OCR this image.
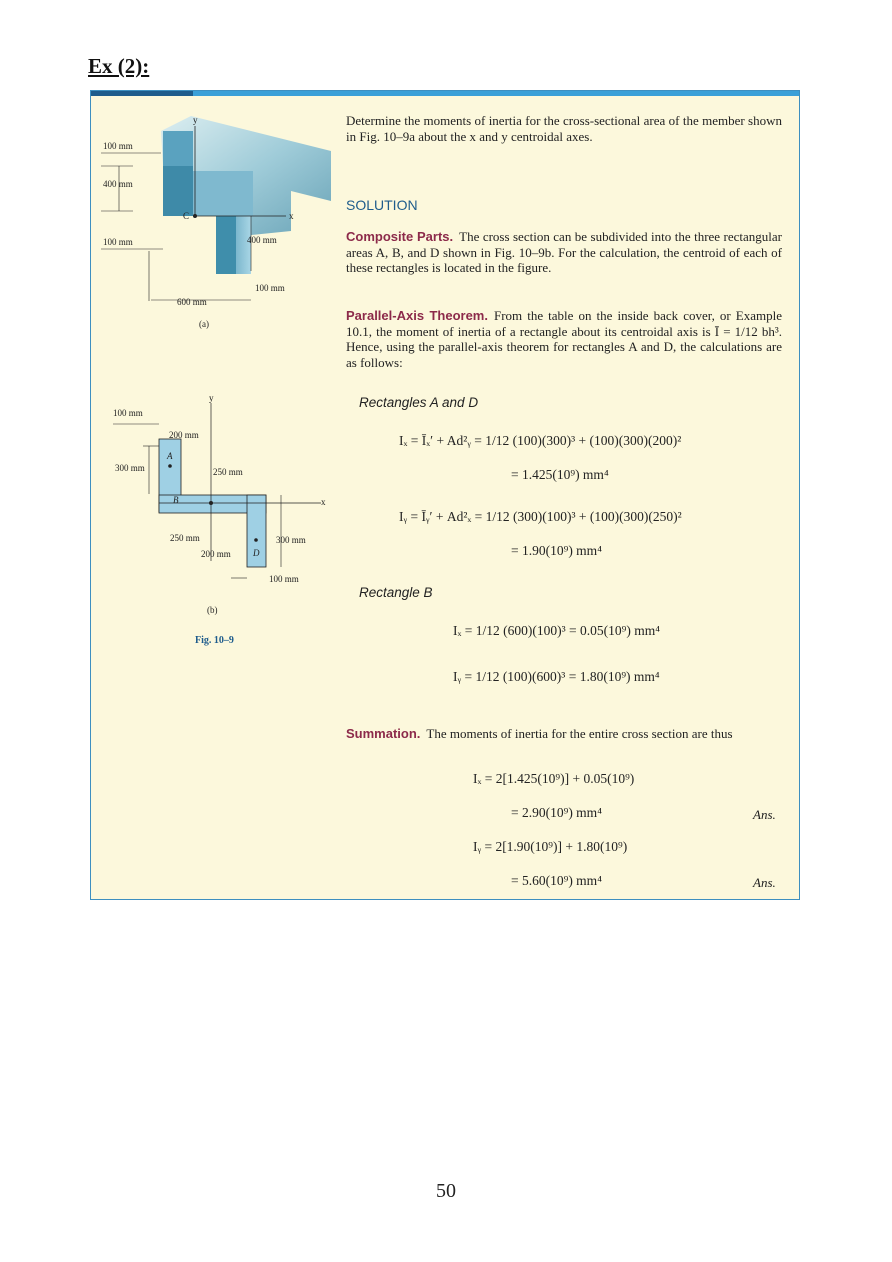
Ex (2):
y
x
C
100 mm
400 mm
100 mm	400 mm
100 mm
600 mm
(a)
y
x
A
B
D
100 mm
200 mm
300 mm	250 mm
250 mm
200 mm
300 mm
100 mm
(b)
Fig. 10–9
Determine the moments of inertia for the cross-sectional area of the member shown in Fig. 10–9a about the x and y centroidal axes.
SOLUTION
Composite Parts. The cross section can be subdivided into the three rectangular areas A, B, and D shown in Fig. 10–9b. For the calculation, the centroid of each of these rectangles is located in the figure.
Parallel-Axis Theorem. From the table on the inside back cover, or Example 10.1, the moment of inertia of a rectangle about its centroidal axis is Ī = 1/12 bh³. Hence, using the parallel-axis theorem for rectangles A and D, the calculations are as follows:
Rectangles A and D
Iₓ = Īₓ′ + Ad²ᵧ = 1/12 (100)(300)³ + (100)(300)(200)²
= 1.425(10⁹) mm⁴
Iᵧ = Īᵧ′ + Ad²ₓ = 1/12 (300)(100)³ + (100)(300)(250)²
= 1.90(10⁹) mm⁴
Rectangle B
Iₓ = 1/12 (600)(100)³ = 0.05(10⁹) mm⁴
Iᵧ = 1/12 (100)(600)³ = 1.80(10⁹) mm⁴
Summation. The moments of inertia for the entire cross section are thus
Iₓ = 2[1.425(10⁹)] + 0.05(10⁹)
= 2.90(10⁹) mm⁴	Ans.
Iᵧ = 2[1.90(10⁹)] + 1.80(10⁹)
= 5.60(10⁹) mm⁴	Ans.
50
